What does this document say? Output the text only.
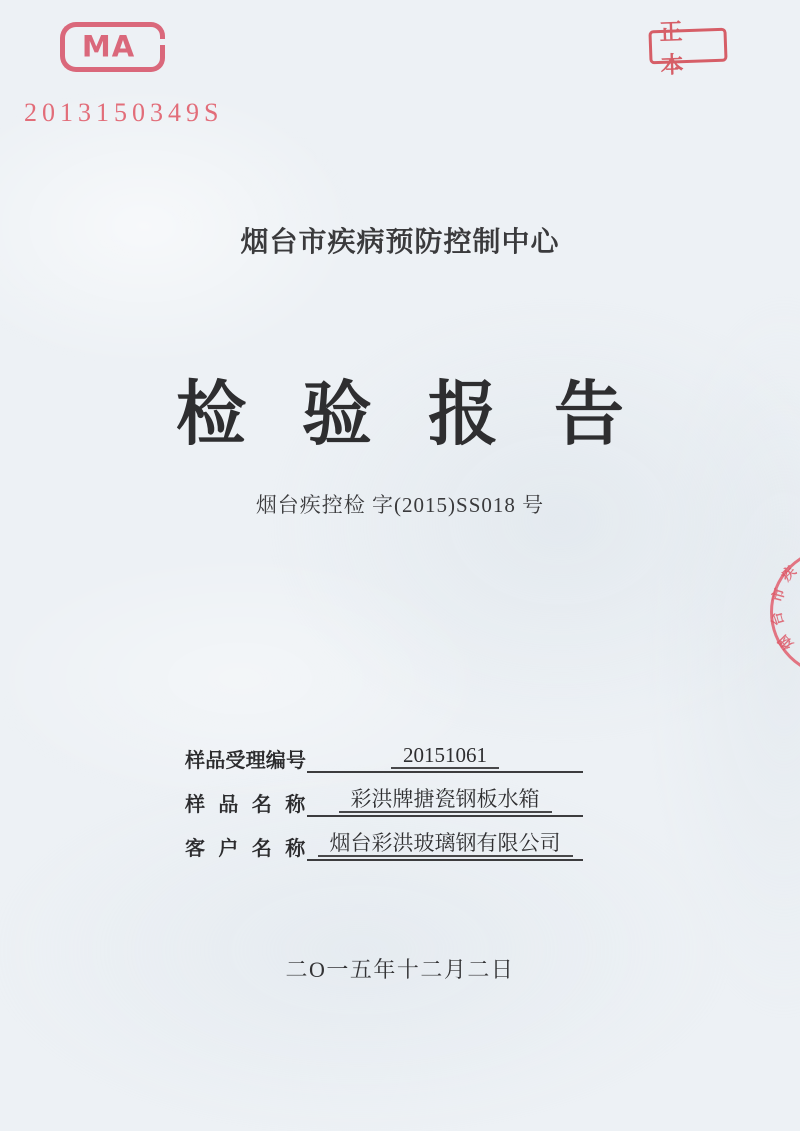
MA
2013150349S
正 本
烟台市疾病预防控制中心
检验报告
烟台疾控检 字(2015)SS018 号
样品受理编号	20151061
样 品 名 称	彩洪牌搪瓷钢板水箱
客 户 名 称	烟台彩洪玻璃钢有限公司
二O一五年十二月二日
烟
台
市
疾
